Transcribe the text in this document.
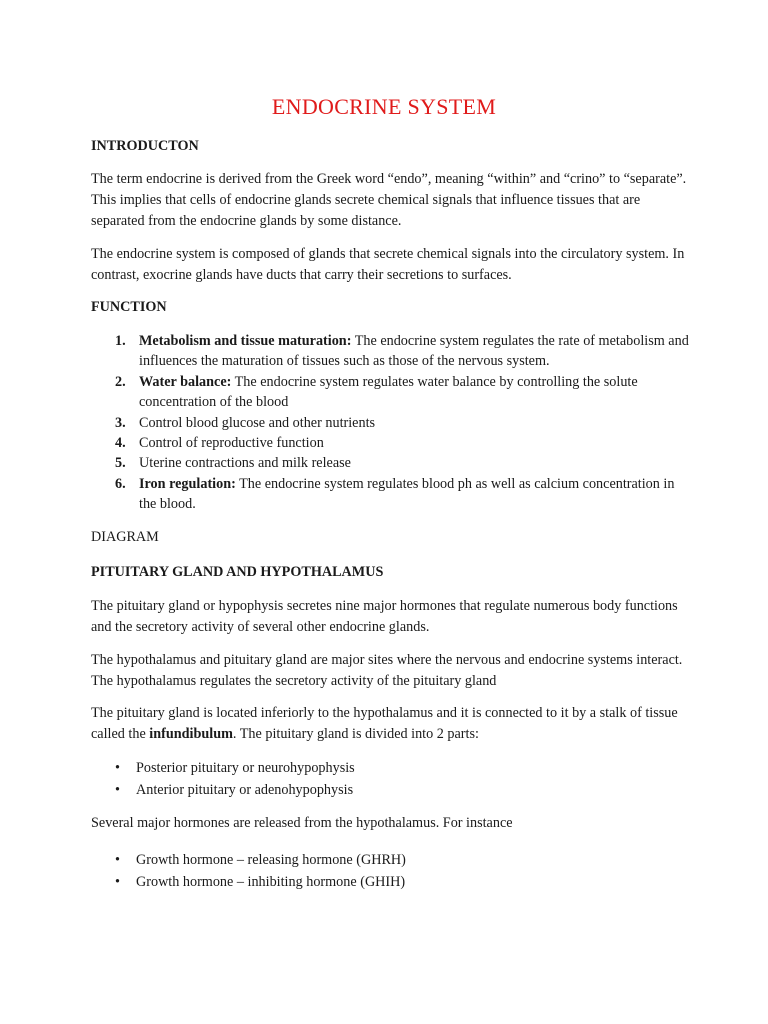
ENDOCRINE SYSTEM

INTRODUCTON

The term endocrine is derived from the Greek word “endo”, meaning “within” and “crino” to “separate”. This implies that cells of endocrine glands secrete chemical signals that influence tissues that are separated from the endocrine glands by some distance.

The endocrine system is composed of glands that secrete chemical signals into the circulatory system. In contrast, exocrine glands have ducts that carry their secretions to surfaces.

FUNCTION

1. Metabolism and tissue maturation: The endocrine system regulates the rate of metabolism and influences the maturation of tissues such as those of the nervous system.
2. Water balance: The endocrine system regulates water balance by controlling the solute concentration of the blood
3. Control blood glucose and other nutrients
4. Control of reproductive function
5. Uterine contractions and milk release
6. Iron regulation: The endocrine system regulates blood ph as well as calcium concentration in the blood.

DIAGRAM

PITUITARY GLAND AND HYPOTHALAMUS

The pituitary gland or hypophysis secretes nine major hormones that regulate numerous body functions and the secretory activity of several other endocrine glands.

The hypothalamus and pituitary gland are major sites where the nervous and endocrine systems interact. The hypothalamus regulates the secretory activity of the pituitary gland

The pituitary gland is located inferiorly to the hypothalamus and it is connected to it by a stalk of tissue called the infundibulum. The pituitary gland is divided into 2 parts:

• Posterior pituitary or neurohypophysis
• Anterior pituitary or adenohypophysis

Several major hormones are released from the hypothalamus. For instance

• Growth hormone – releasing hormone (GHRH)
• Growth hormone – inhibiting hormone (GHIH)
